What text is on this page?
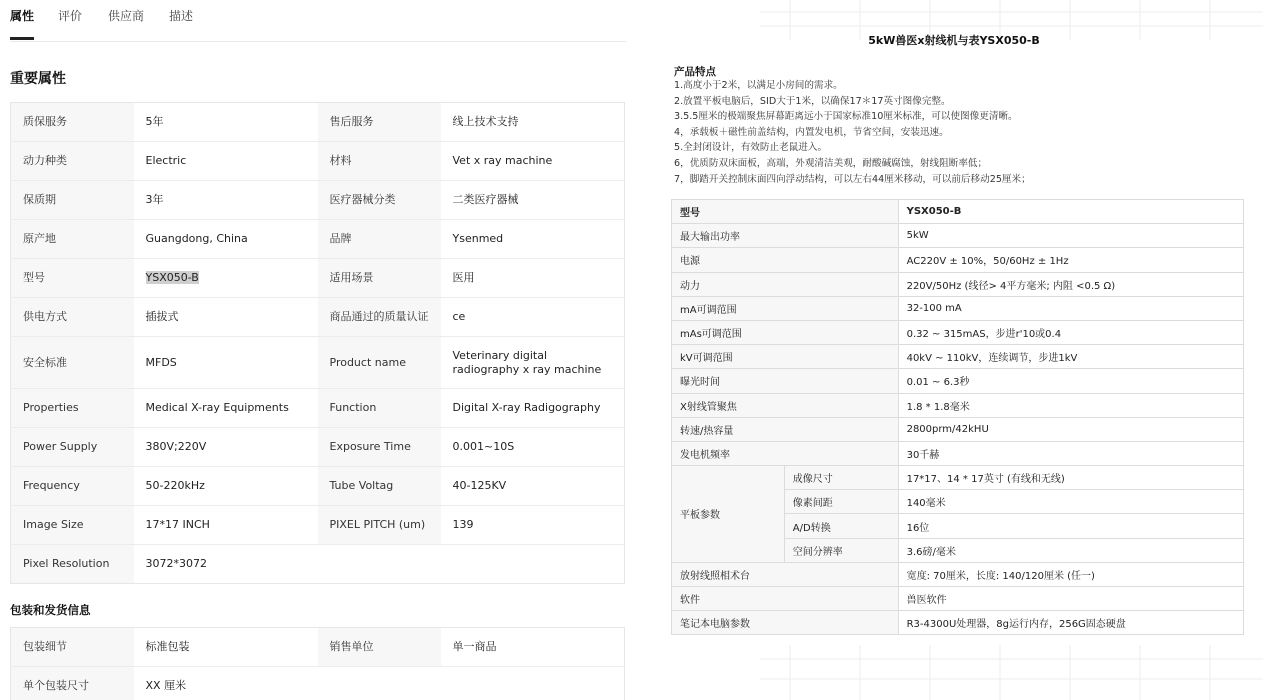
属性 评价 供应商 描述
重要属性
质保服务	5年	售后服务	线上技术支持
动力种类	Electric	材料	Vet x ray machine
保质期	3年	医疗器械分类	二类医疗器械
原产地	Guangdong, China	品牌	Ysenmed
型号	YSX050-B	适用场景	医用
供电方式	插拔式	商品通过的质量认证	ce
安全标准	MFDS	Product name	Veterinary digital radiography x ray machine
Properties	Medical X-ray Equipments	Function	Digital X-ray Radigography
Power Supply	380V;220V	Exposure Time	0.001~10S
Frequency	50-220kHz	Tube Voltag	40-125KV
Image Size	17*17 INCH	PIXEL PITCH (um)	139
Pixel Resolution	3072*3072		
包装和发货信息
包装细节	标准包装	销售单位	单一商品
单个包装尺寸	XX 厘米		
5kW兽医x射线机与表YSX050-B
产品特点
1.高度小于2米，以满足小房间的需求。
2.放置平板电脑后，SID大于1米，以确保17＊17英寸图像完整。
3.5.5厘米的极端聚焦屏幕距离远小于国家标准10厘米标准，可以使图像更清晰。
4，承载板＋磁性前盖结构，内置发电机，节省空间，安装迅速。
5.全封闭设计，有效防止老鼠进入。
6，优质防双床面板，高端，外观清洁美观，耐酸碱腐蚀，射线阻断率低；
7，脚踏开关控制床面四向浮动结构，可以左右44厘米移动，可以前后移动25厘米；
型号		YSX050-B
最大输出功率		5kW
电源		AC220V ± 10%，50/60Hz ± 1Hz
动力		220V/50Hz (线径> 4平方毫米; 内阻 <0.5 Ω)
mA可调范围		32-100 mA
mAs可调范围		0.32 ~ 315mAS，步进r'10或0.4
kV可调范围		40kV ~ 110kV，连续调节，步进1kV
曝光时间		0.01 ~ 6.3秒
X射线管聚焦		1.8 * 1.8毫米
转速/热容量		2800prm/42kHU
发电机频率		30千赫
平板参数	成像尺寸	17*17、14 * 17英寸 (有线和无线)
	像素间距	140毫米
	A/D转换	16位
	空间分辨率	3.6磅/毫米
放射线照相术台		宽度: 70厘米，长度: 140/120厘米 (任一)
软件		兽医软件
笔记本电脑参数		R3-4300U处理器，8g运行内存，256G固态硬盘
